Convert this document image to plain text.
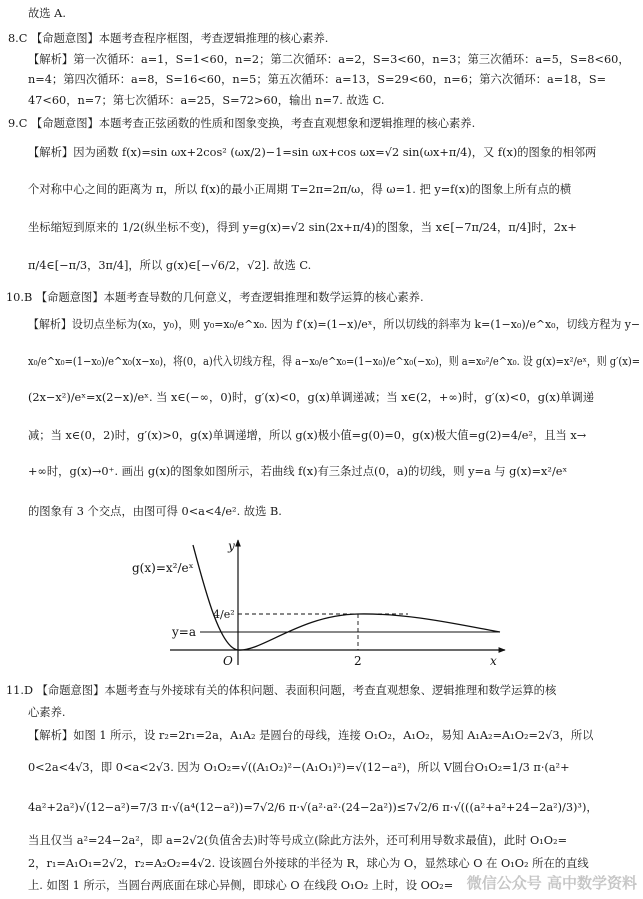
故选 A.
8.C 【命题意图】本题考查程序框图，考查逻辑推理的核心素养.
【解析】第一次循环：a=1，S=1<60，n=2；第二次循环：a=2，S=3<60，n=3；第三次循环：a=5，S=8<60，
n=4；第四次循环：a=8，S=16<60，n=5；第五次循环：a=13，S=29<60，n=6；第六次循环：a=18，S=
47<60，n=7；第七次循环：a=25，S=72>60，输出 n=7. 故选 C.
9.C 【命题意图】本题考查正弦函数的性质和图象变换，考查直观想象和逻辑推理的核心素养.
【解析】因为函数 f(x)=sin ωx+2cos² (ωx/2)−1=sin ωx+cos ωx=√2 sin(ωx+π/4)，又 f(x)的图象的相邻两
个对称中心之间的距离为 π，所以 f(x)的最小正周期 T=2π=2π/ω，得 ω=1. 把 y=f(x)的图象上所有点的横
坐标缩短到原来的 1/2(纵坐标不变)，得到 y=g(x)=√2 sin(2x+π/4)的图象，当 x∈[−7π/24，π/4]时，2x+
π/4∈[−π/3，3π/4]，所以 g(x)∈[−√6/2，√2]. 故选 C.
10.B 【命题意图】本题考查导数的几何意义，考查逻辑推理和数学运算的核心素养.
【解析】设切点坐标为(x₀，y₀)，则 y₀=x₀/e^x₀. 因为 f′(x)=(1−x)/eˣ，所以切线的斜率为 k=(1−x₀)/e^x₀，切线方程为 y−
x₀/e^x₀=(1−x₀)/e^x₀(x−x₀)，将(0，a)代入切线方程，得 a−x₀/e^x₀=(1−x₀)/e^x₀(−x₀)，则 a=x₀²/e^x₀. 设 g(x)=x²/eˣ，则 g′(x)=
(2x−x²)/eˣ=x(2−x)/eˣ. 当 x∈(−∞，0)时，g′(x)<0，g(x)单调递减；当 x∈(2，+∞)时，g′(x)<0，g(x)单调递
减；当 x∈(0，2)时，g′(x)>0，g(x)单调递增，所以 g(x)极小值=g(0)=0，g(x)极大值=g(2)=4/e²，且当 x→
+∞时，g(x)→0⁺. 画出 g(x)的图象如图所示，若曲线 f(x)有三条过点(0，a)的切线，则 y=a 与 g(x)=x²/eˣ
的图象有 3 个交点，由图可得 0<a<4/e². 故选 B.
11.D 【命题意图】本题考查与外接球有关的体积问题、表面积问题，考查直观想象、逻辑推理和数学运算的核
心素养.
【解析】如图 1 所示，设 r₂=2r₁=2a，A₁A₂ 是圆台的母线，连接 O₁O₂，A₁O₂，易知 A₁A₂=A₁O₂=2√3，所以
0<2a<4√3，即 0<a<2√3. 因为 O₁O₂=√((A₁O₂)²−(A₁O₁)²)=√(12−a²)，所以 V圆台O₁O₂=1/3 π·(a²+
4a²+2a²)√(12−a²)=7/3 π·√(a⁴(12−a²))=7√2/6 π·√(a²·a²·(24−2a²))≤7√2/6 π·√(((a²+a²+24−2a²)/3)³)，
当且仅当 a²=24−2a²，即 a=2√2(负值舍去)时等号成立(除此方法外，还可利用导数求最值)，此时 O₁O₂=
2，r₁=A₁O₁=2√2，r₂=A₂O₂=4√2. 设该圆台外接球的半径为 R，球心为 O，显然球心 O 在 O₁O₂ 所在的直线
上. 如图 1 所示，当圆台两底面在球心异侧，即球心 O 在线段 O₁O₂ 上时，设 OO₂=
g(x)=x²/eˣ
y
x
O
4/e²
y=a
2
微信公众号 高中数学资料
